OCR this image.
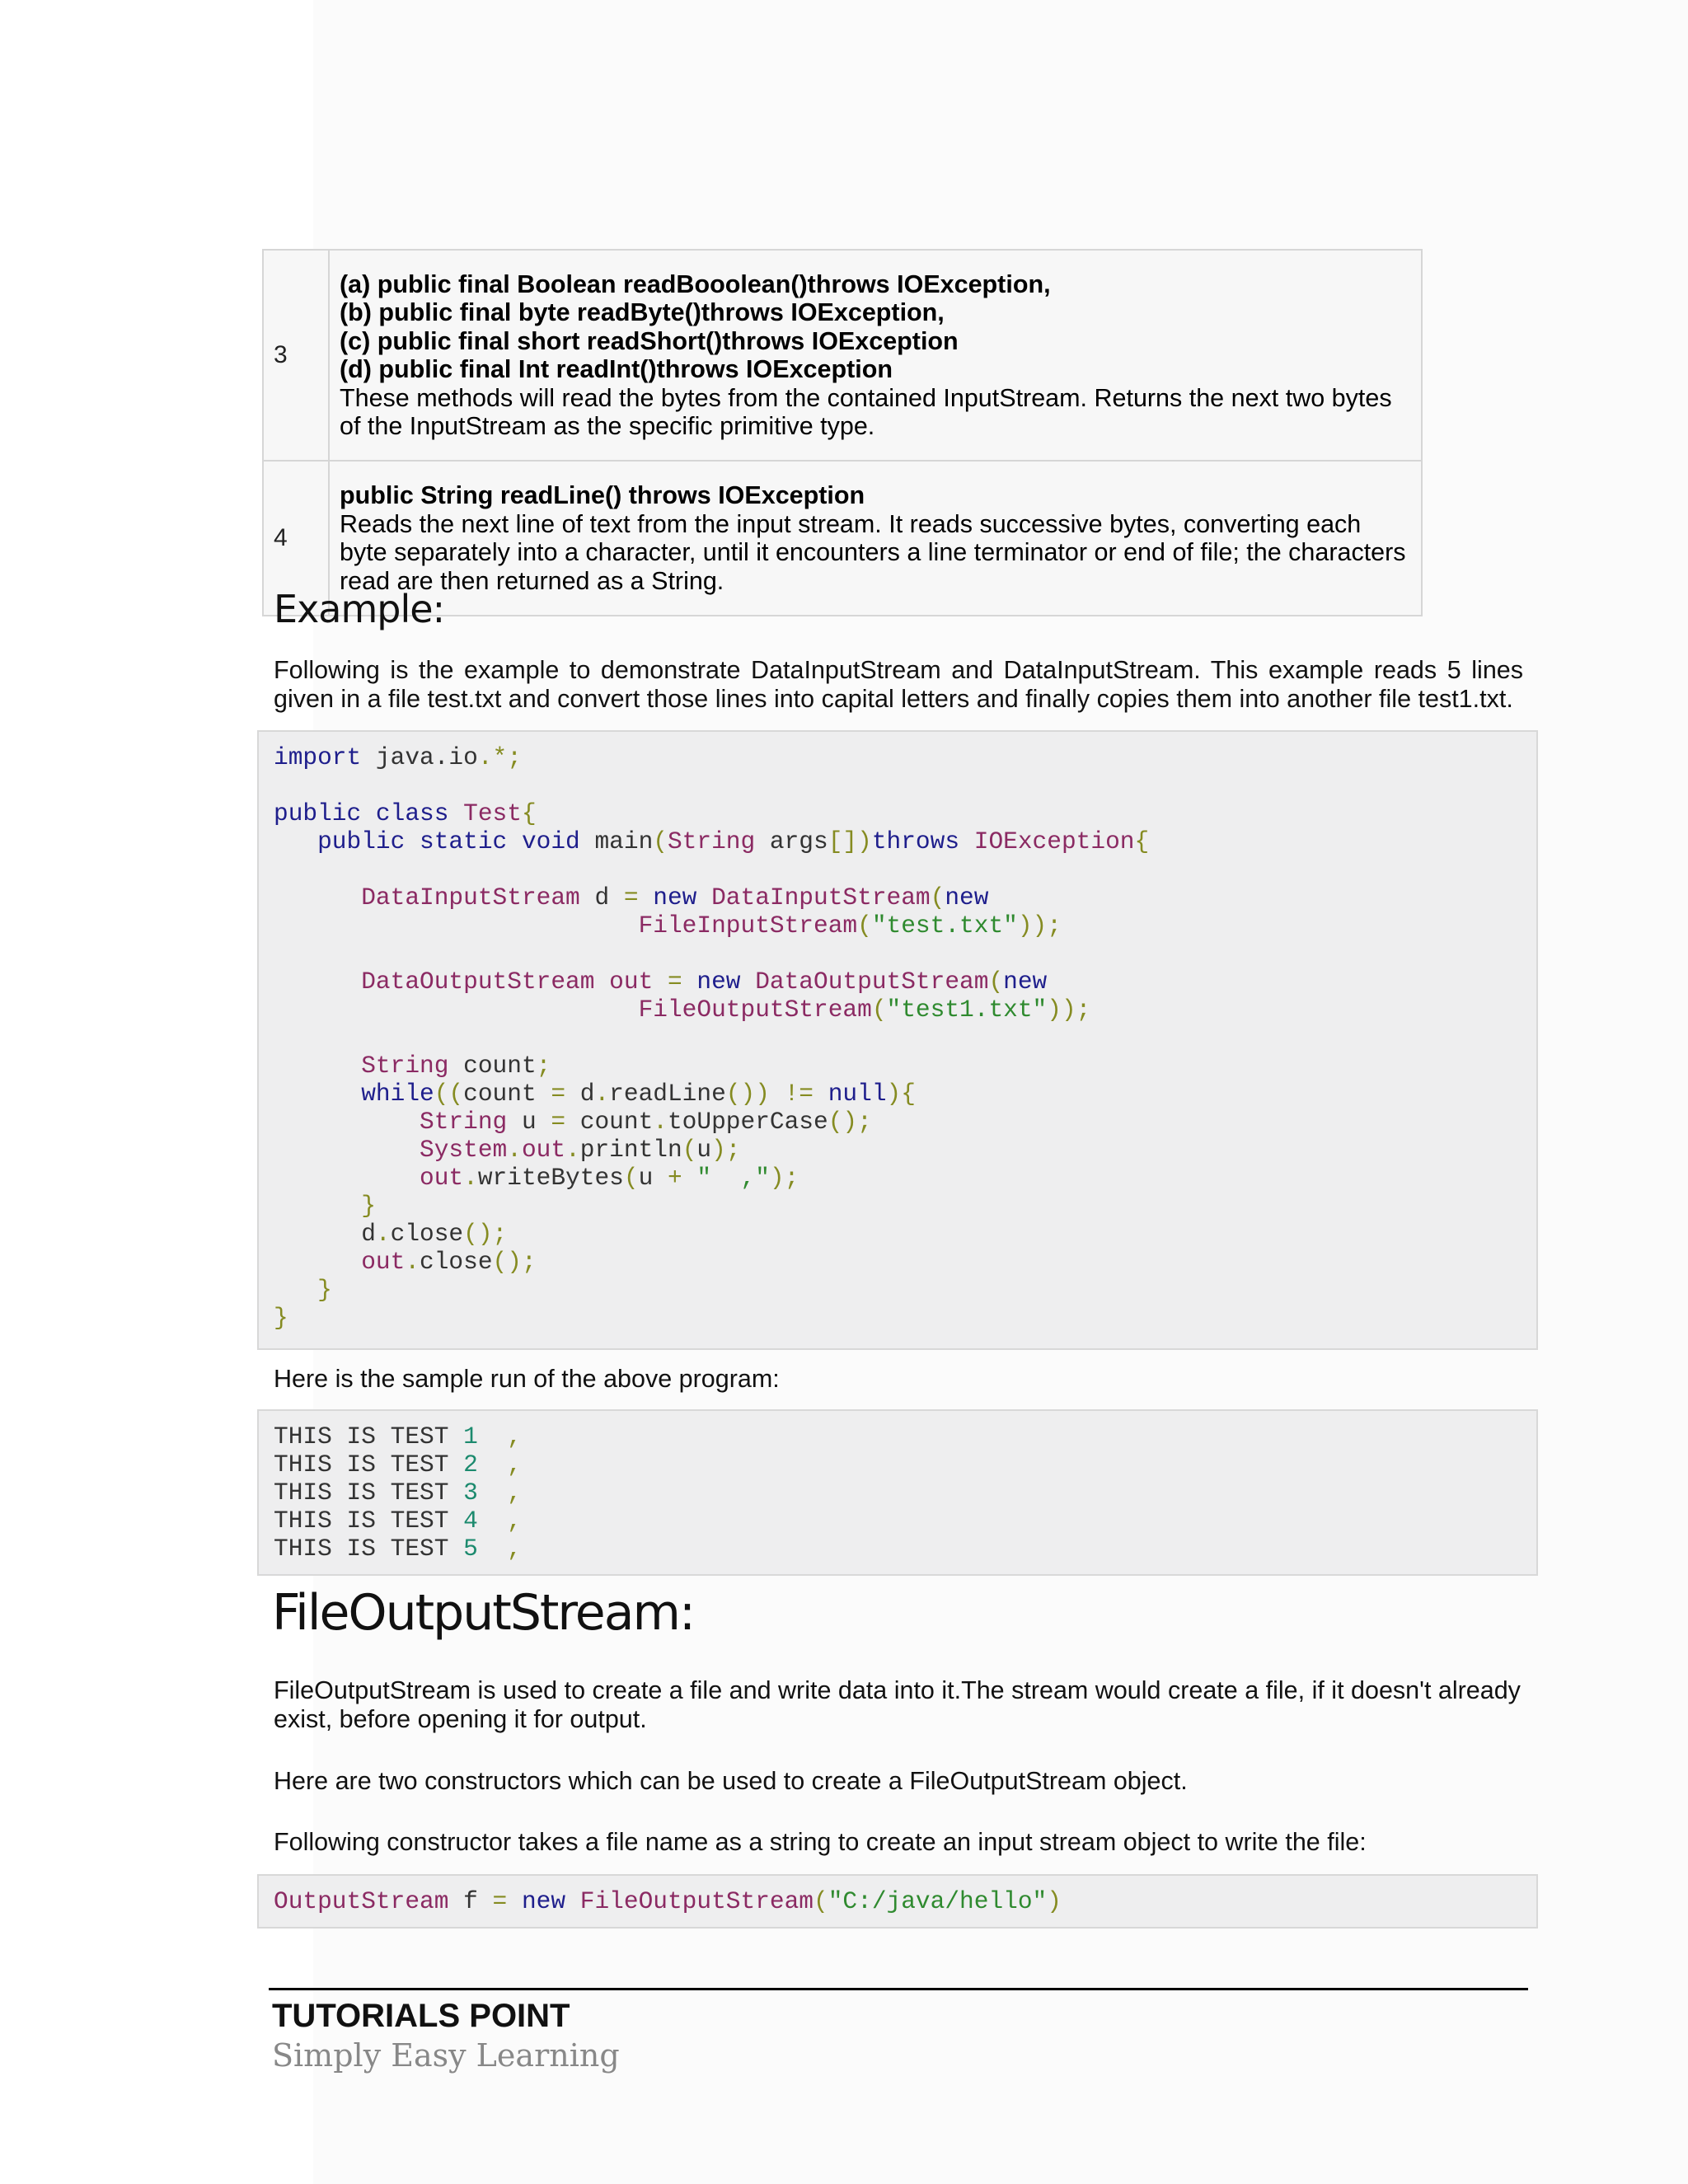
3	(a) public final Boolean readBooolean()throws IOException,
(b) public final byte readByte()throws IOException,
(c) public final short readShort()throws IOException
(d) public final Int readInt()throws IOException
These methods will read the bytes from the contained InputStream. Returns the next two bytes of the InputStream as the specific primitive type.

4	public String readLine() throws IOException
Reads the next line of text from the input stream. It reads successive bytes, converting each byte separately into a character, until it encounters a line terminator or end of file; the characters read are then returned as a String.
Example:

Following is the example to demonstrate DataInputStream and DataInputStream. This example reads 5 lines given in a file test.txt and convert those lines into capital letters and finally copies them into another file test1.txt.

import java.io.*;

public class Test{
public static void main(String args[])throws IOException{

DataInputStream d = new DataInputStream(new
FileInputStream("test.txt"));

DataOutputStream out = new DataOutputStream(new
FileOutputStream("test1.txt"));

String count;
while((count = d.readLine()) != null){
String u = count.toUpperCase();
System.out.println(u);
out.writeBytes(u + "  ,");
}
d.close();
out.close();
}
}

Here is the sample run of the above program:

THIS IS TEST 1 ,
THIS IS TEST 2 ,
THIS IS TEST 3 ,
THIS IS TEST 4 ,
THIS IS TEST 5 ,
FileOutputStream:

FileOutputStream is used to create a file and write data into it.The stream would create a file, if it doesn't already exist, before opening it for output.

Here are two constructors which can be used to create a FileOutputStream object.

Following constructor takes a file name as a string to create an input stream object to write the file:

OutputStream f = new FileOutputStream("C:/java/hello")

TUTORIALS POINT

Simply Easy Learning
